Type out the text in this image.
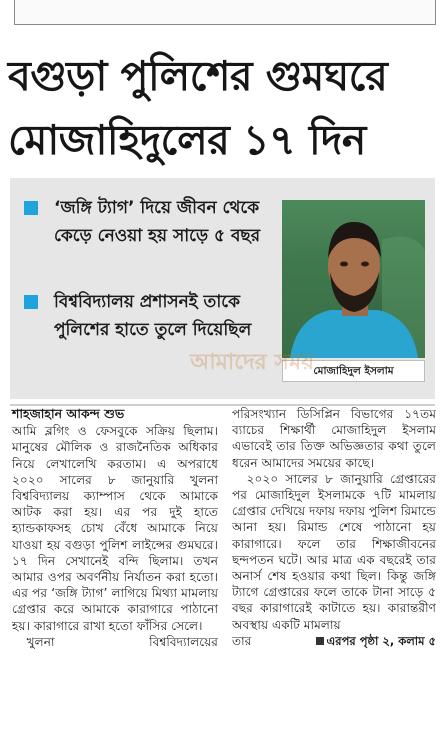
বগুড়া পুলিশের গুমঘরে
মোজাহিদুলের ১৭ দিন
‘জঙ্গি ট্যাগ’ দিয়ে জীবন থেকে কেড়ে নেওয়া হয় সাড়ে ৫ বছর
বিশ্ববিদ্যালয় প্রশাসনই তাকে পুলিশের হাতে তুলে দিয়েছিল
মোজাহিদুল ইসলাম
আমাদের সময়
শাহজাহান আকন্দ শুভ

আমি ব্লগিং ও ফেসবুকে সক্রিয় ছিলাম। মানুষের মৌলিক ও রাজনৈতিক অধিকার নিয়ে লেখালেখি করতাম। এ অপরাধে ২০২০ সালের ৮ জানুয়ারি খুলনা বিশ্ববিদ্যালয় ক্যাম্পাস থেকে আমাকে আটক করা হয়। এর পর দুই হাতে হ্যান্ডকাফসহ চোখ বেঁধে আমাকে নিয়ে যাওয়া হয় বগুড়া পুলিশ লাইন্সের গুমঘরে। ১৭ দিন সেখানেই বন্দি ছিলাম। তখন আমার ওপর অবর্ণনীয় নির্যাতন করা হতো। এর পর ‘জঙ্গি ট্যাগ’ লাগিয়ে মিথ্যা মামলায় গ্রেপ্তার করে আমাকে কারাগারে পাঠানো হয়। কারাগারে রাখা হতো ফাঁসির সেলে।

খুলনা বিশ্ববিদ্যালয়ের

পরিসংখ্যান ডিসিপ্লিন বিভাগের ১৭তম ব্যাচের শিক্ষার্থী মোজাহিদুল ইসলাম এভাবেই তার তিক্ত অভিজ্ঞতার কথা তুলে ধরেন আমাদের সময়ের কাছে।

২০২০ সালের ৮ জানুয়ারি গ্রেপ্তারের পর মোজাহিদুল ইসলামকে ৭টি মামলায় গ্রেপ্তার দেখিয়ে দফায় দফায় পুলিশ রিমান্ডে আনা হয়। রিমান্ড শেষে পাঠানো হয় কারাগারে। ফলে তার শিক্ষাজীবনের ছন্দপতন ঘটে। আর মাত্র এক বছরেই তার অনার্স শেষ হওয়ার কথা ছিল। কিন্তু জঙ্গি ট্যাগে গ্রেপ্তারের ফলে তাকে টানা সাড়ে ৫ বছর কারাগারেই কাটাতে হয়। কারান্তরীণ অবস্থায় একটি মামলায়

তার	এরপর পৃষ্ঠা ২, কলাম ৫
